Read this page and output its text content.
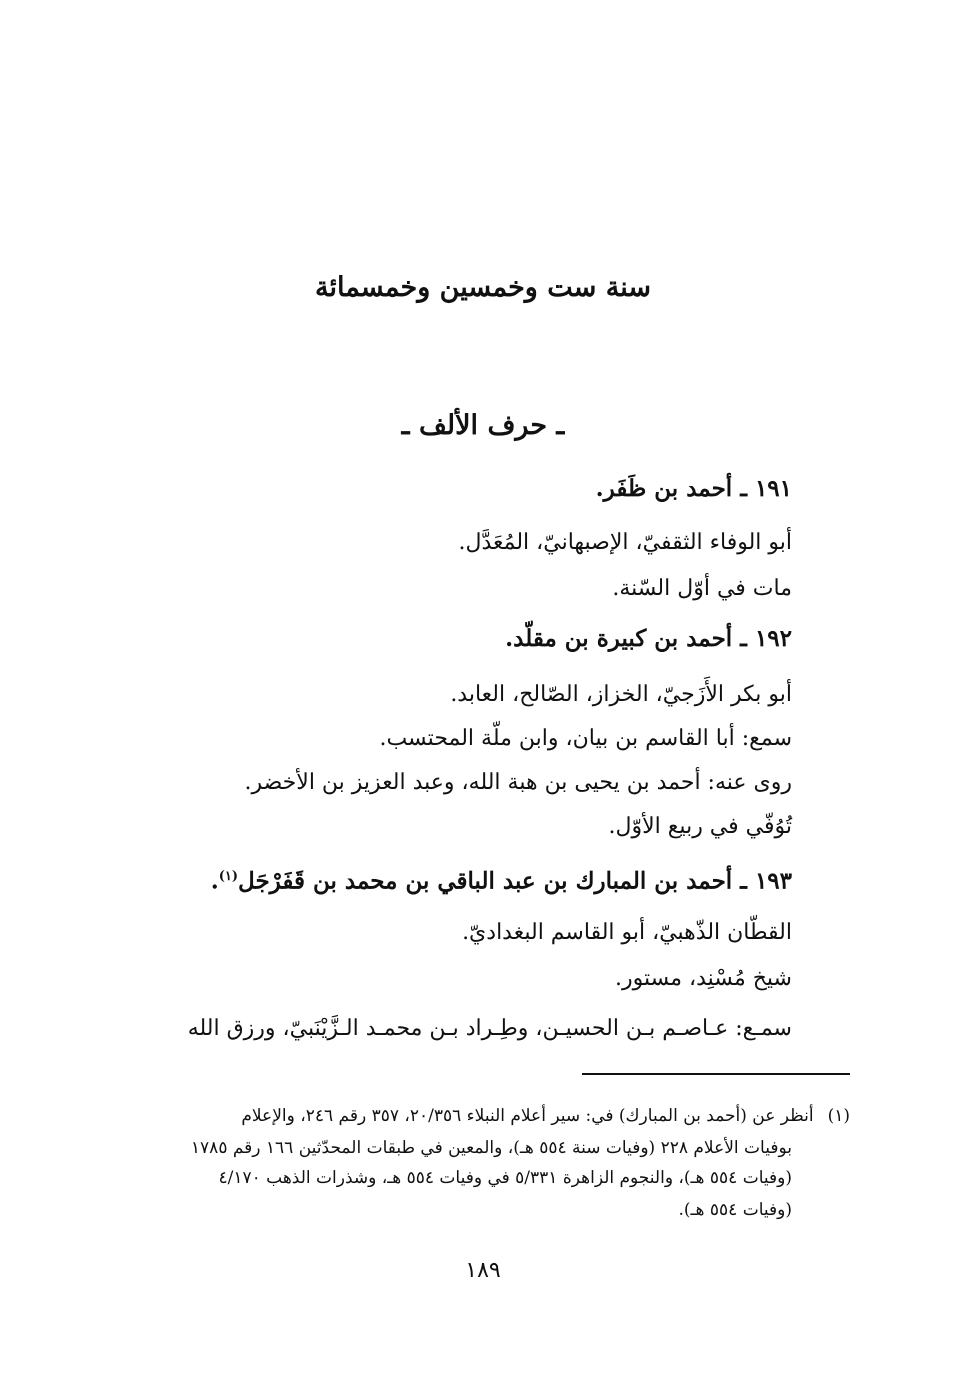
سنة ست وخمسين وخمسمائة
ـ حرف الألف ـ
١٩١ ـ أحمد بن ظَفَر.
أبو الوفاء الثقفيّ، الإصبهانيّ، المُعَدَّل.
مات في أوّل السّنة.
١٩٢ ـ أحمد بن كبيرة بن مقلّد.
أبو بكر الأَزَجيّ، الخزاز، الصّالح، العابد.
سمع: أبا القاسم بن بيان، وابن ملّة المحتسب.
روى عنه: أحمد بن يحيى بن هبة الله، وعبد العزيز بن الأخضر.
تُوُفّي في ربيع الأوّل.
١٩٣ ـ أحمد بن المبارك بن عبد الباقي بن محمد بن قَفَرْجَل$^{(١)}$.
القطّان الذّهبيّ، أبو القاسم البغداديّ.
شيخ مُسْنِد، مستور.
سمـع: عـاصـم بـن الحسيـن، وطِـراد بـن محمـد الـزَّيْنَبيّ، ورزق الله
(١)أنظر عن (أحمد بن المبارك) في: سير أعلام النبلاء ٢٠/٣٥٦، ٣٥٧ رقم ٢٤٦، والإعلام
بوفيات الأعلام ٢٢٨ (وفيات سنة ٥٥٤ هـ)، والمعين في طبقات المحدّثين ١٦٦ رقم ١٧٨٥
(وفيات ٥٥٤ هـ)، والنجوم الزاهرة ٥/٣٣١ في وفيات ٥٥٤ هـ، وشذرات الذهب ٤/١٧٠
(وفيات ٥٥٤ هـ).
١٨٩
